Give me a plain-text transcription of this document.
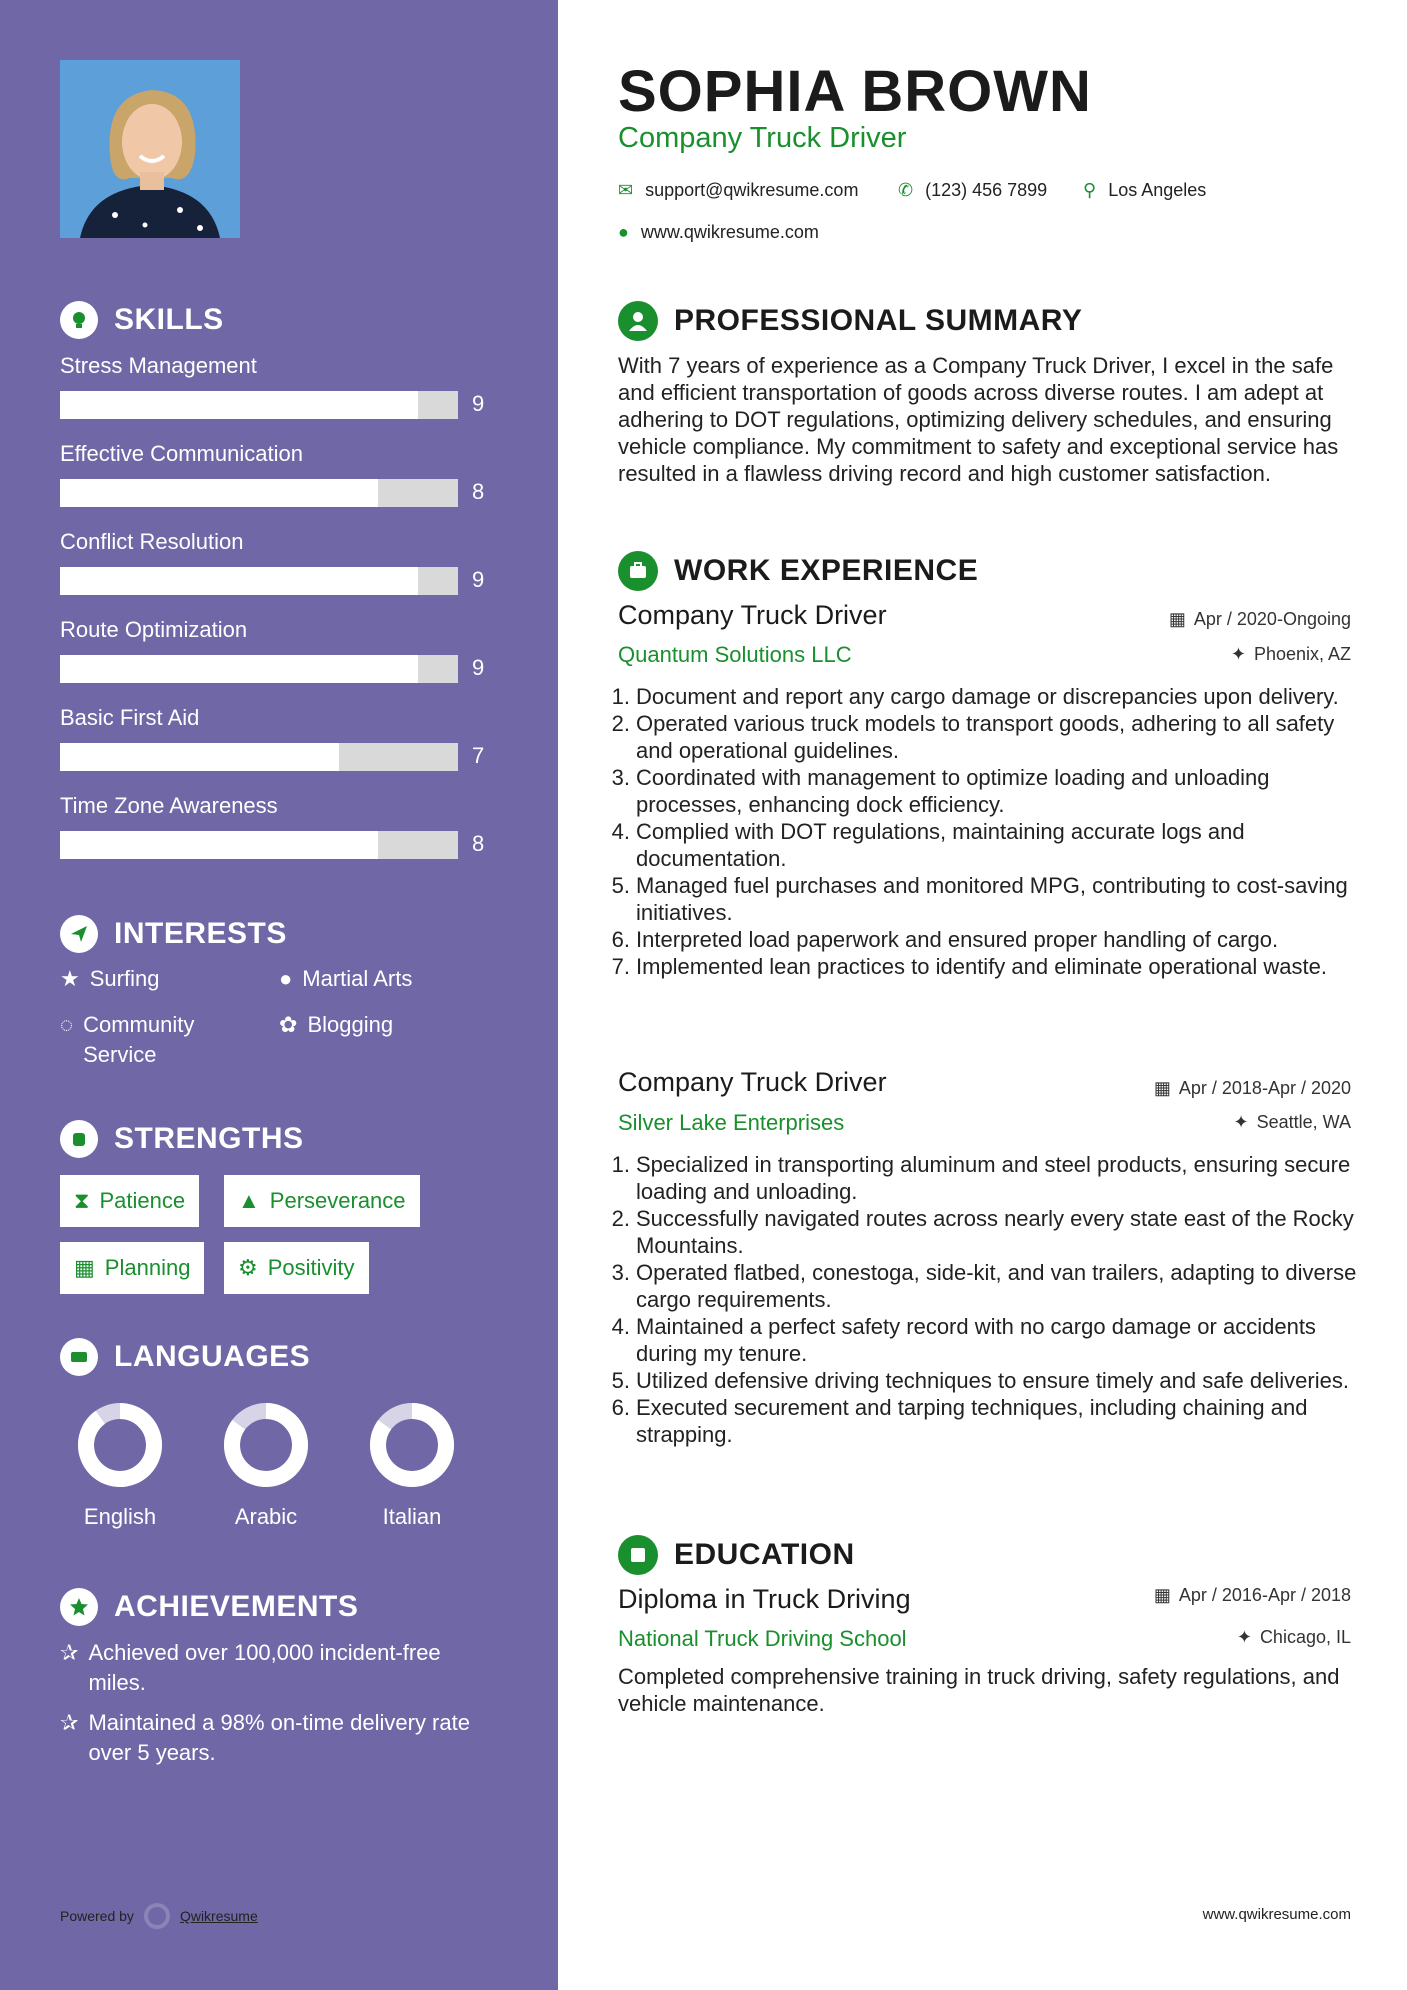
SKILLS
Stress Management
9
Effective Communication
8
Conflict Resolution
9
Route Optimization
9
Basic First Aid
7
Time Zone Awareness
8
INTERESTS
★ Surfing	● Martial Arts
◌ Community Service
✿ Blogging
STRENGTHS
⧗ Patience ▲ Perseverance
▦ Planning ⚙ Positivity
LANGUAGES
English	Arabic	Italian
ACHIEVEMENTS
✰ Achieved over 100,000 incident-free miles.
✰ Maintained a 98% on-time delivery rate over 5 years.
Powered by	Qwikresume
SOPHIA BROWN
Company Truck Driver
✉ support@qwikresume.com ✆ (123) 456 7899 ⚲ Los Angeles
● www.qwikresume.com
PROFESSIONAL SUMMARY
With 7 years of experience as a Company Truck Driver, I excel in the safe and efficient transportation of goods across diverse routes. I am adept at adhering to DOT regulations, optimizing delivery schedules, and ensuring vehicle compliance. My commitment to safety and exceptional service has resulted in a flawless driving record and high customer satisfaction.
WORK EXPERIENCE
Company Truck Driver	▦ Apr / 2020-Ongoing
Quantum Solutions LLC	✦ Phoenix, AZ
1. Document and report any cargo damage or discrepancies upon delivery.
2. Operated various truck models to transport goods, adhering to all safety and operational guidelines.
3. Coordinated with management to optimize loading and unloading processes, enhancing dock efficiency.
4. Complied with DOT regulations, maintaining accurate logs and documentation.
5. Managed fuel purchases and monitored MPG, contributing to cost-saving initiatives.
6. Interpreted load paperwork and ensured proper handling of cargo.
7. Implemented lean practices to identify and eliminate operational waste.
Company Truck Driver	▦ Apr / 2018-Apr / 2020
Silver Lake Enterprises	✦ Seattle, WA
1. Specialized in transporting aluminum and steel products, ensuring secure loading and unloading.
2. Successfully navigated routes across nearly every state east of the Rocky Mountains.
3. Operated flatbed, conestoga, side-kit, and van trailers, adapting to diverse cargo requirements.
4. Maintained a perfect safety record with no cargo damage or accidents during my tenure.
5. Utilized defensive driving techniques to ensure timely and safe deliveries.
6. Executed securement and tarping techniques, including chaining and strapping.
EDUCATION
Diploma in Truck Driving	▦ Apr / 2016-Apr / 2018
National Truck Driving School	✦ Chicago, IL
Completed comprehensive training in truck driving, safety regulations, and vehicle maintenance.
www.qwikresume.com
